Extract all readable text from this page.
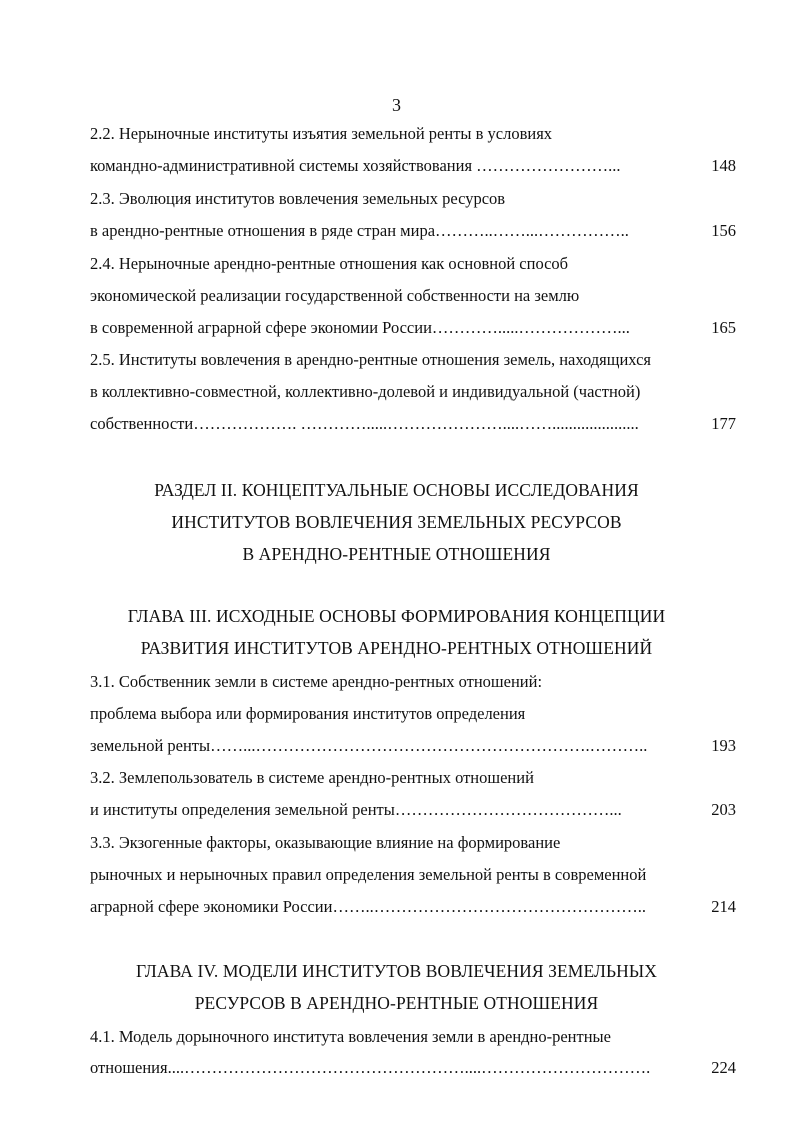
3
2.2. Нерыночные институты изъятия земельной ренты в условиях
командно-административной системы хозяйствования ……………………...	148
2.3. Эволюция институтов вовлечения земельных ресурсов
в арендно-рентные отношения в ряде стран мира………..……...……………..	156
2.4. Нерыночные арендно-рентные отношения как основной способ
экономической реализации государственной собственности на землю
в современной аграрной сфере экономии России………….....………………...	165
2.5. Институты вовлечения в арендно-рентные отношения земель, находящихся
в коллективно-совместной, коллективно-долевой и индивидуальной (частной)
собственности………………. ………….....…………………....…….....................	177
РАЗДЕЛ II. КОНЦЕПТУАЛЬНЫЕ ОСНОВЫ ИССЛЕДОВАНИЯ
ИНСТИТУТОВ ВОВЛЕЧЕНИЯ ЗЕМЕЛЬНЫХ РЕСУРСОВ
В АРЕНДНО-РЕНТНЫЕ ОТНОШЕНИЯ
ГЛАВА III. ИСХОДНЫЕ ОСНОВЫ ФОРМИРОВАНИЯ КОНЦЕПЦИИ
РАЗВИТИЯ ИНСТИТУТОВ АРЕНДНО-РЕНТНЫХ ОТНОШЕНИЙ
3.1. Собственник земли в системе арендно-рентных отношений:
проблема выбора или формирования институтов определения
земельной ренты……...…………………………………………………….………..	193
3.2. Землепользователь в системе арендно-рентных отношений
и институты определения земельной ренты…………………………………...	203
3.3. Экзогенные факторы, оказывающие влияние на формирование
рыночных и нерыночных правил определения земельной ренты в современной
аграрной сфере экономики России……..…………………………………………..	214
ГЛАВА IV. МОДЕЛИ ИНСТИТУТОВ ВОВЛЕЧЕНИЯ ЗЕМЕЛЬНЫХ
РЕСУРСОВ В АРЕНДНО-РЕНТНЫЕ ОТНОШЕНИЯ
4.1. Модель дорыночного института вовлечения земли в арендно-рентные
отношения....……………………………………………....………………………….	224
